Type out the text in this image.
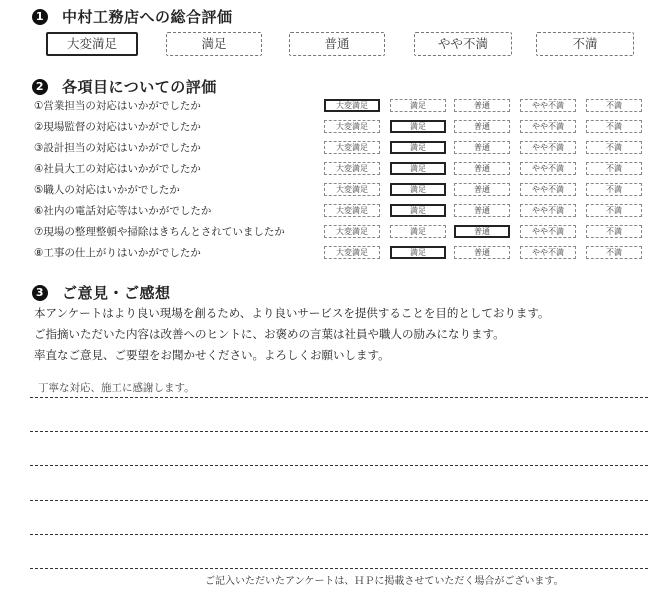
1 中村工務店への総合評価
大変満足	満足	普通	やや不満	不満
2 各項目についての評価
①営業担当の対応はいかがでしたか	大変満足	満足	普通	やや不満	不満
②現場監督の対応はいかがでしたか	大変満足	満足	普通	やや不満	不満
③設計担当の対応はいかがでしたか	大変満足	満足	普通	やや不満	不満
④社員大工の対応はいかがでしたか	大変満足	満足	普通	やや不満	不満
⑤職人の対応はいかがでしたか	大変満足	満足	普通	やや不満	不満
⑥社内の電話対応等はいかがでしたか	大変満足	満足	普通	やや不満	不満
⑦現場の整理整頓や掃除はきちんとされていましたか	大変満足	満足	普通	やや不満	不満
⑧工事の仕上がりはいかがでしたか	大変満足	満足	普通	やや不満	不満
3 ご意見・ご感想
本アンケートはより良い現場を創るため、より良いサービスを提供することを目的としております。
ご指摘いただいた内容は改善へのヒントに、お褒めの言葉は社員や職人の励みになります。
率直なご意見、ご要望をお聞かせください。よろしくお願いします。
丁寧な対応、施工に感謝します。
ご記入いただいたアンケートは、ＨＰに掲載させていただく場合がございます。
